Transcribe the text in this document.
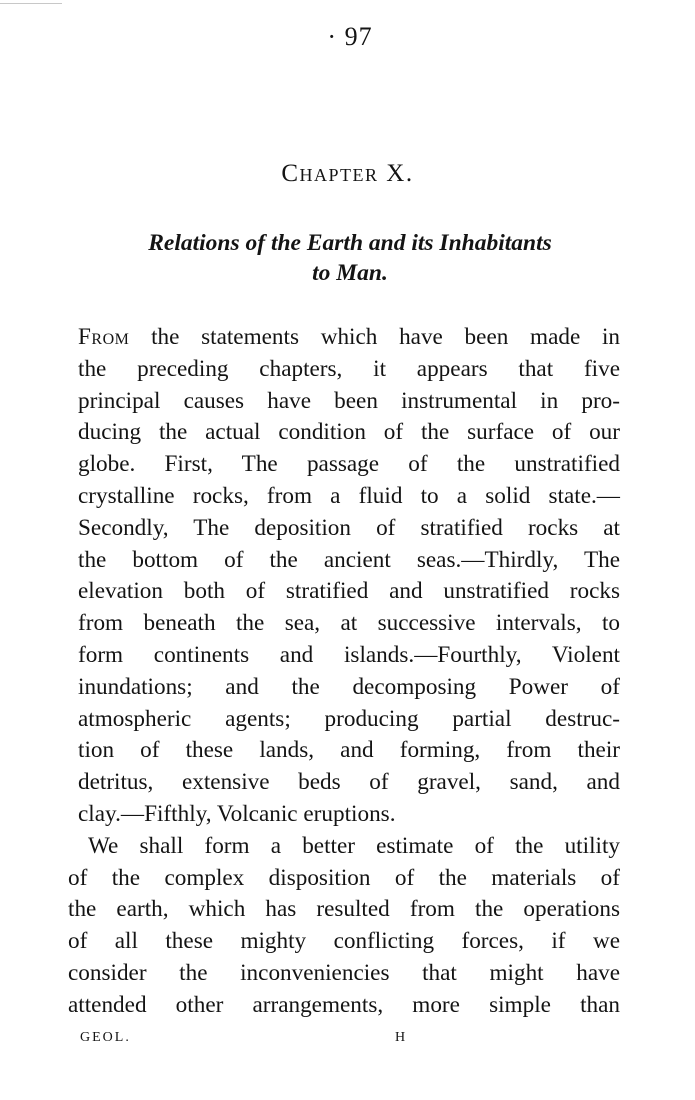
· 97
Chapter X.
Relations of the Earth and its Inhabitants
to Man.
From the statements which have been made in
the preceding chapters, it appears that five
principal causes have been instrumental in pro-
ducing the actual condition of the surface of our
globe. First, The passage of the unstratified
crystalline rocks, from a fluid to a solid state.—
Secondly, The deposition of stratified rocks at
the bottom of the ancient seas.—Thirdly, The
elevation both of stratified and unstratified rocks
from beneath the sea, at successive intervals, to
form continents and islands.—Fourthly, Violent
inundations; and the decomposing Power of
atmospheric agents; producing partial destruc-
tion of these lands, and forming, from their
detritus, extensive beds of gravel, sand, and
clay.—Fifthly, Volcanic eruptions.
We shall form a better estimate of the utility
of the complex disposition of the materials of
the earth, which has resulted from the operations
of all these mighty conflicting forces, if we
consider the inconveniencies that might have
attended other arrangements, more simple than
GEOL.	H
